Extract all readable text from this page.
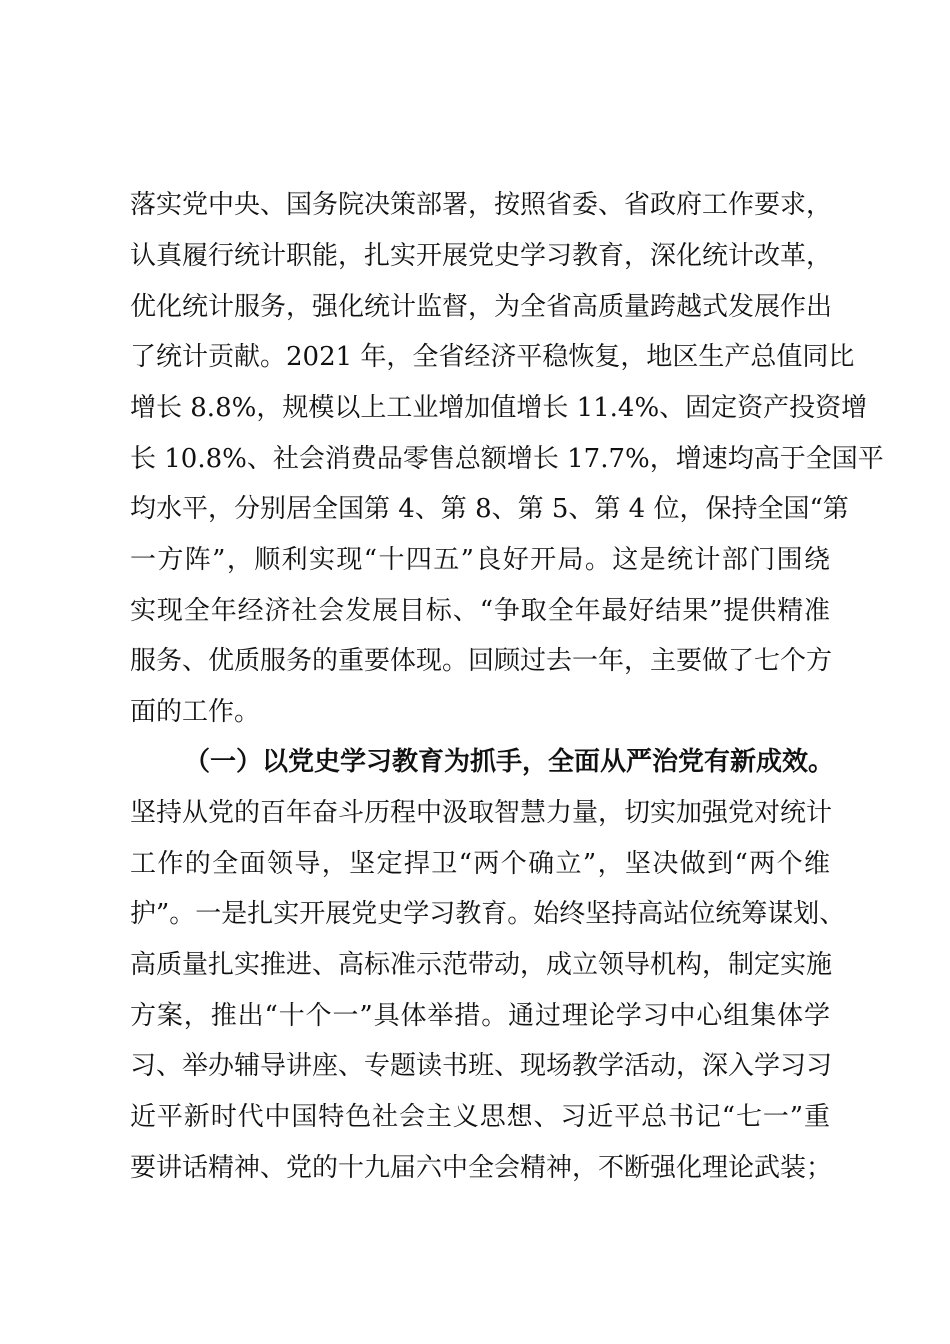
落实党中央、国务院决策部署，按照省委、省政府工作要求，
认真履行统计职能，扎实开展党史学习教育，深化统计改革，
优化统计服务，强化统计监督，为全省高质量跨越式发展作出
了统计贡献。2021 年，全省经济平稳恢复，地区生产总值同比
增长 8.8%，规模以上工业增加值增长 11.4%、固定资产投资增
长 10.8%、社会消费品零售总额增长 17.7%，增速均高于全国平
均水平，分别居全国第 4、第 8、第 5、第 4 位，保持全国“第
一方阵”，顺利实现“十四五”良好开局。这是统计部门围绕
实现全年经济社会发展目标、“争取全年最好结果”提供精准
服务、优质服务的重要体现。回顾过去一年，主要做了七个方
面的工作。
（一）以党史学习教育为抓手，全面从严治党有新成效。
坚持从党的百年奋斗历程中汲取智慧力量，切实加强党对统计
工作的全面领导，坚定捍卫“两个确立”，坚决做到“两个维
护”。一是扎实开展党史学习教育。始终坚持高站位统筹谋划、
高质量扎实推进、高标准示范带动，成立领导机构，制定实施
方案，推出“十个一”具体举措。通过理论学习中心组集体学
习、举办辅导讲座、专题读书班、现场教学活动，深入学习习
近平新时代中国特色社会主义思想、习近平总书记“七一”重
要讲话精神、党的十九届六中全会精神，不断强化理论武装；
